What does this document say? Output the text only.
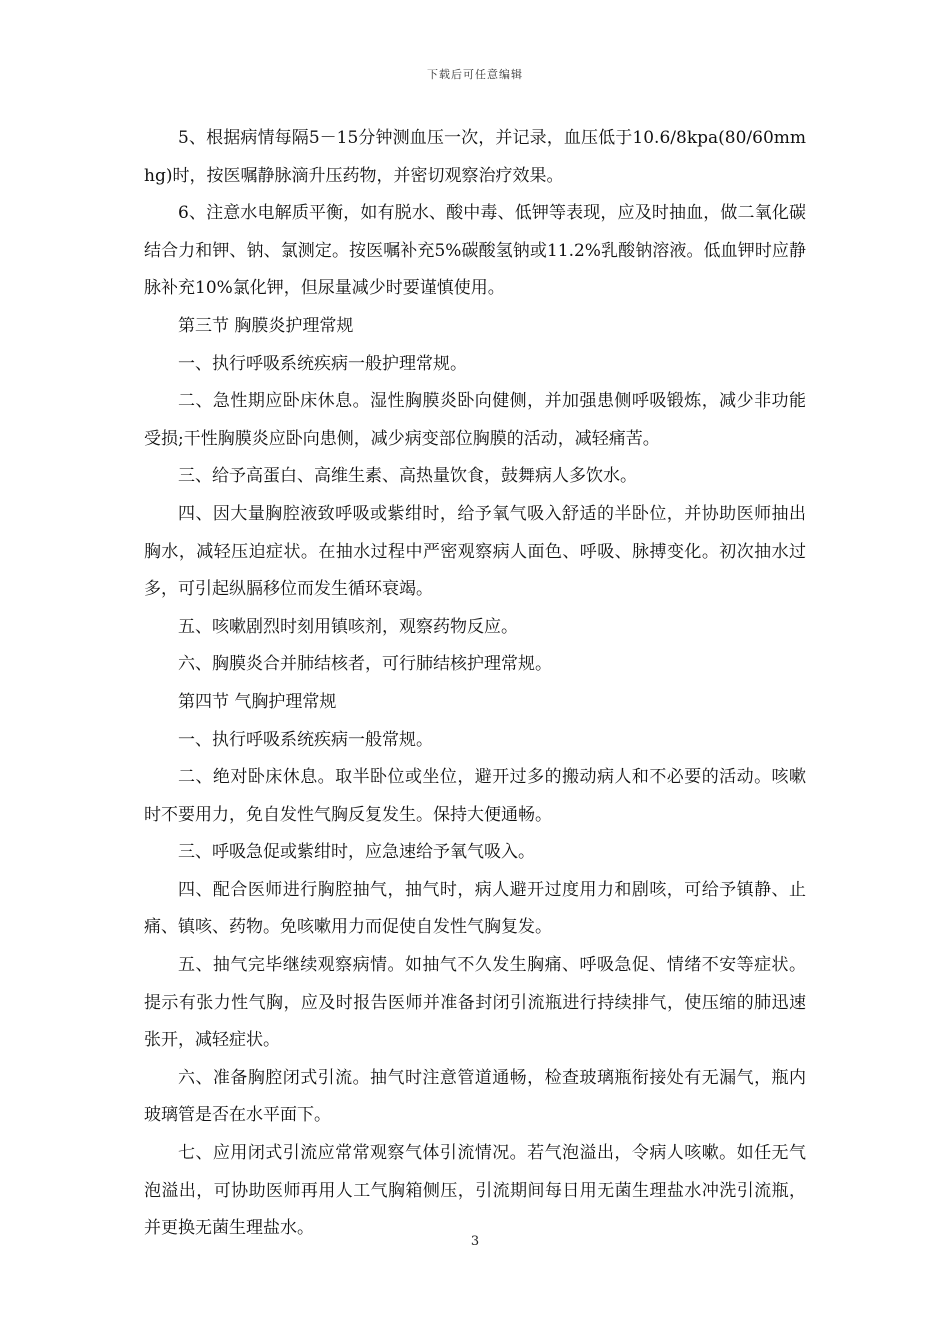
下载后可任意编辑

5、根据病情每隔5－15分钟测血压一次，并记录，血压低于10.6/8kpa(80/60mmhg)时，按医嘱静脉滴升压药物，并密切观察治疗效果。

6、注意水电解质平衡，如有脱水、酸中毒、低钾等表现，应及时抽血，做二氧化碳结合力和钾、钠、氯测定。按医嘱补充5%碳酸氢钠或11.2%乳酸钠溶液。低血钾时应静脉补充10%氯化钾，但尿量减少时要谨慎使用。

第三节 胸膜炎护理常规

一、执行呼吸系统疾病一般护理常规。

二、急性期应卧床休息。湿性胸膜炎卧向健侧，并加强患侧呼吸锻炼，减少非功能受损;干性胸膜炎应卧向患侧，减少病变部位胸膜的活动，减轻痛苦。

三、给予高蛋白、高维生素、高热量饮食，鼓舞病人多饮水。

四、因大量胸腔液致呼吸或紫绀时，给予氧气吸入舒适的半卧位，并协助医师抽出胸水，减轻压迫症状。在抽水过程中严密观察病人面色、呼吸、脉搏变化。初次抽水过多，可引起纵膈移位而发生循环衰竭。

五、咳嗽剧烈时刻用镇咳剂，观察药物反应。

六、胸膜炎合并肺结核者，可行肺结核护理常规。

第四节 气胸护理常规

一、执行呼吸系统疾病一般常规。

二、绝对卧床休息。取半卧位或坐位，避开过多的搬动病人和不必要的活动。咳嗽时不要用力，免自发性气胸反复发生。保持大便通畅。

三、呼吸急促或紫绀时，应急速给予氧气吸入。

四、配合医师进行胸腔抽气，抽气时，病人避开过度用力和剧咳，可给予镇静、止痛、镇咳、药物。免咳嗽用力而促使自发性气胸复发。

五、抽气完毕继续观察病情。如抽气不久发生胸痛、呼吸急促、情绪不安等症状。提示有张力性气胸，应及时报告医师并准备封闭引流瓶进行持续排气，使压缩的肺迅速张开，减轻症状。

六、准备胸腔闭式引流。抽气时注意管道通畅，检查玻璃瓶衔接处有无漏气，瓶内玻璃管是否在水平面下。

七、应用闭式引流应常常观察气体引流情况。若气泡溢出，令病人咳嗽。如任无气泡溢出，可协助医师再用人工气胸箱侧压，引流期间每日用无菌生理盐水冲洗引流瓶，并更换无菌生理盐水。

3
